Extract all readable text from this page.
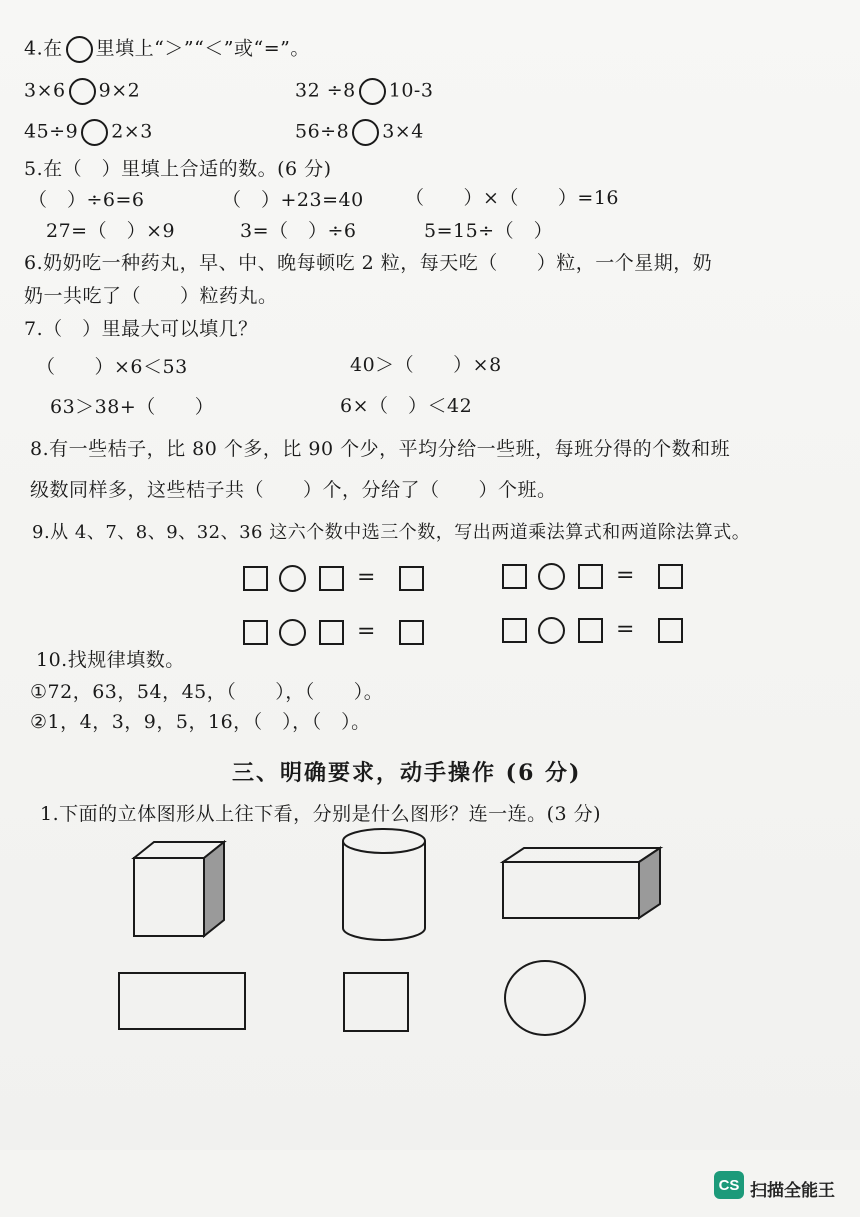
4.在 里填上“＞”“＜”或“=”。
3×6 9×2	32 ÷8 10-3
45÷9 2×3	56÷8 3×4
5.在（　）里填上合适的数。(6 分)
（　）÷6=6	（　）+23=40 （　　）×（　　）=16
27=（　）×9	3=（　）÷6	5=15÷（　）
6.奶奶吃一种药丸，早、中、晚每顿吃 2 粒，每天吃（　　）粒，一个星期，奶
奶一共吃了（　　）粒药丸。
7.（　）里最大可以填几？
（　　）×6＜53	40＞（　　）×8
63＞38+（　　）	6×（　）＜42
8.有一些桔子，比 80 个多，比 90 个少，平均分给一些班，每班分得的个数和班
级数同样多，这些桔子共（　　）个，分给了（　　）个班。
9.从 4、7、8、9、32、36 这六个数中选三个数，写出两道乘法算式和两道除法算式。
=	=
=	=
10.找规律填数。
①72，63，54，45，（　　），（　　）。
②1，4，3，9，5，16，（　），（　）。
三、明确要求，动手操作 (6 分)
1.下面的立体图形从上往下看，分别是什么图形？连一连。(3 分)
CS 扫描全能王
